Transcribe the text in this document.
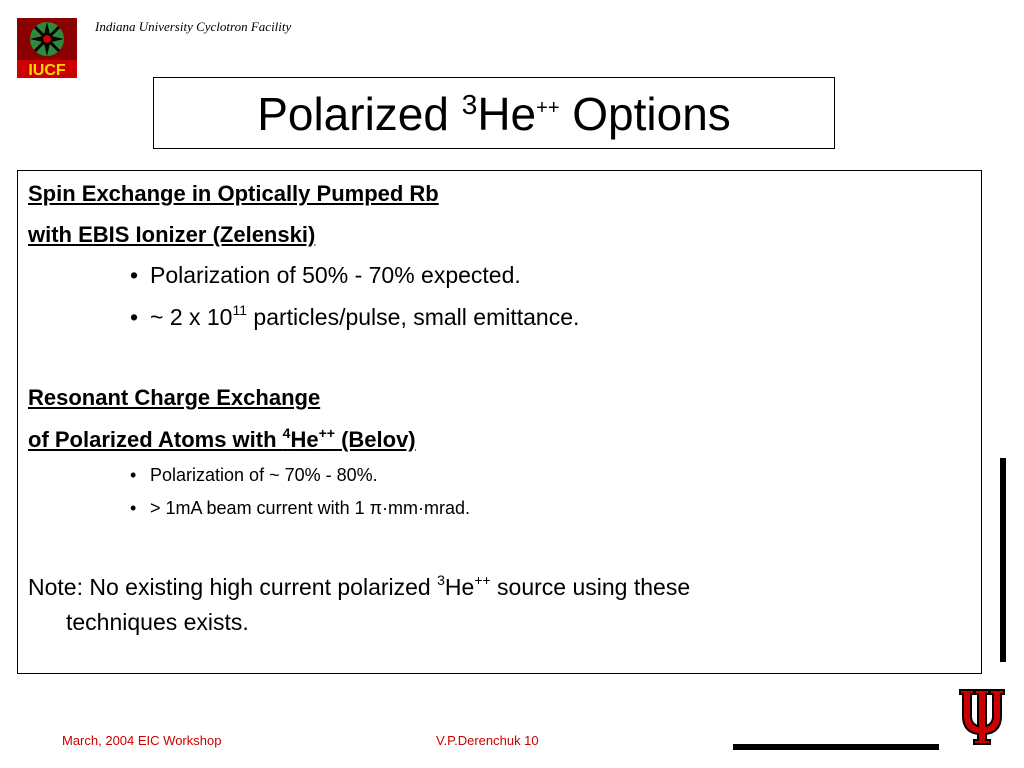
IUCF
Indiana University Cyclotron Facility
Polarized $^3$He++ Options
Spin Exchange in Optically Pumped Rb
with EBIS Ionizer (Zelenski)
• Polarization of 50% - 70% expected.
• ~ 2 x $10^{11}$ particles/pulse, small emittance.
Resonant Charge Exchange
of Polarized Atoms with $^4$He++ (Belov)
• Polarization of ~ 70% - 80%.
• > 1mA beam current with 1 π·mm·mrad.
Note: No existing high current polarized $^3$He++ source using these
techniques exists.
March, 2004 EIC Workshop	V.P.Derenchuk 10
